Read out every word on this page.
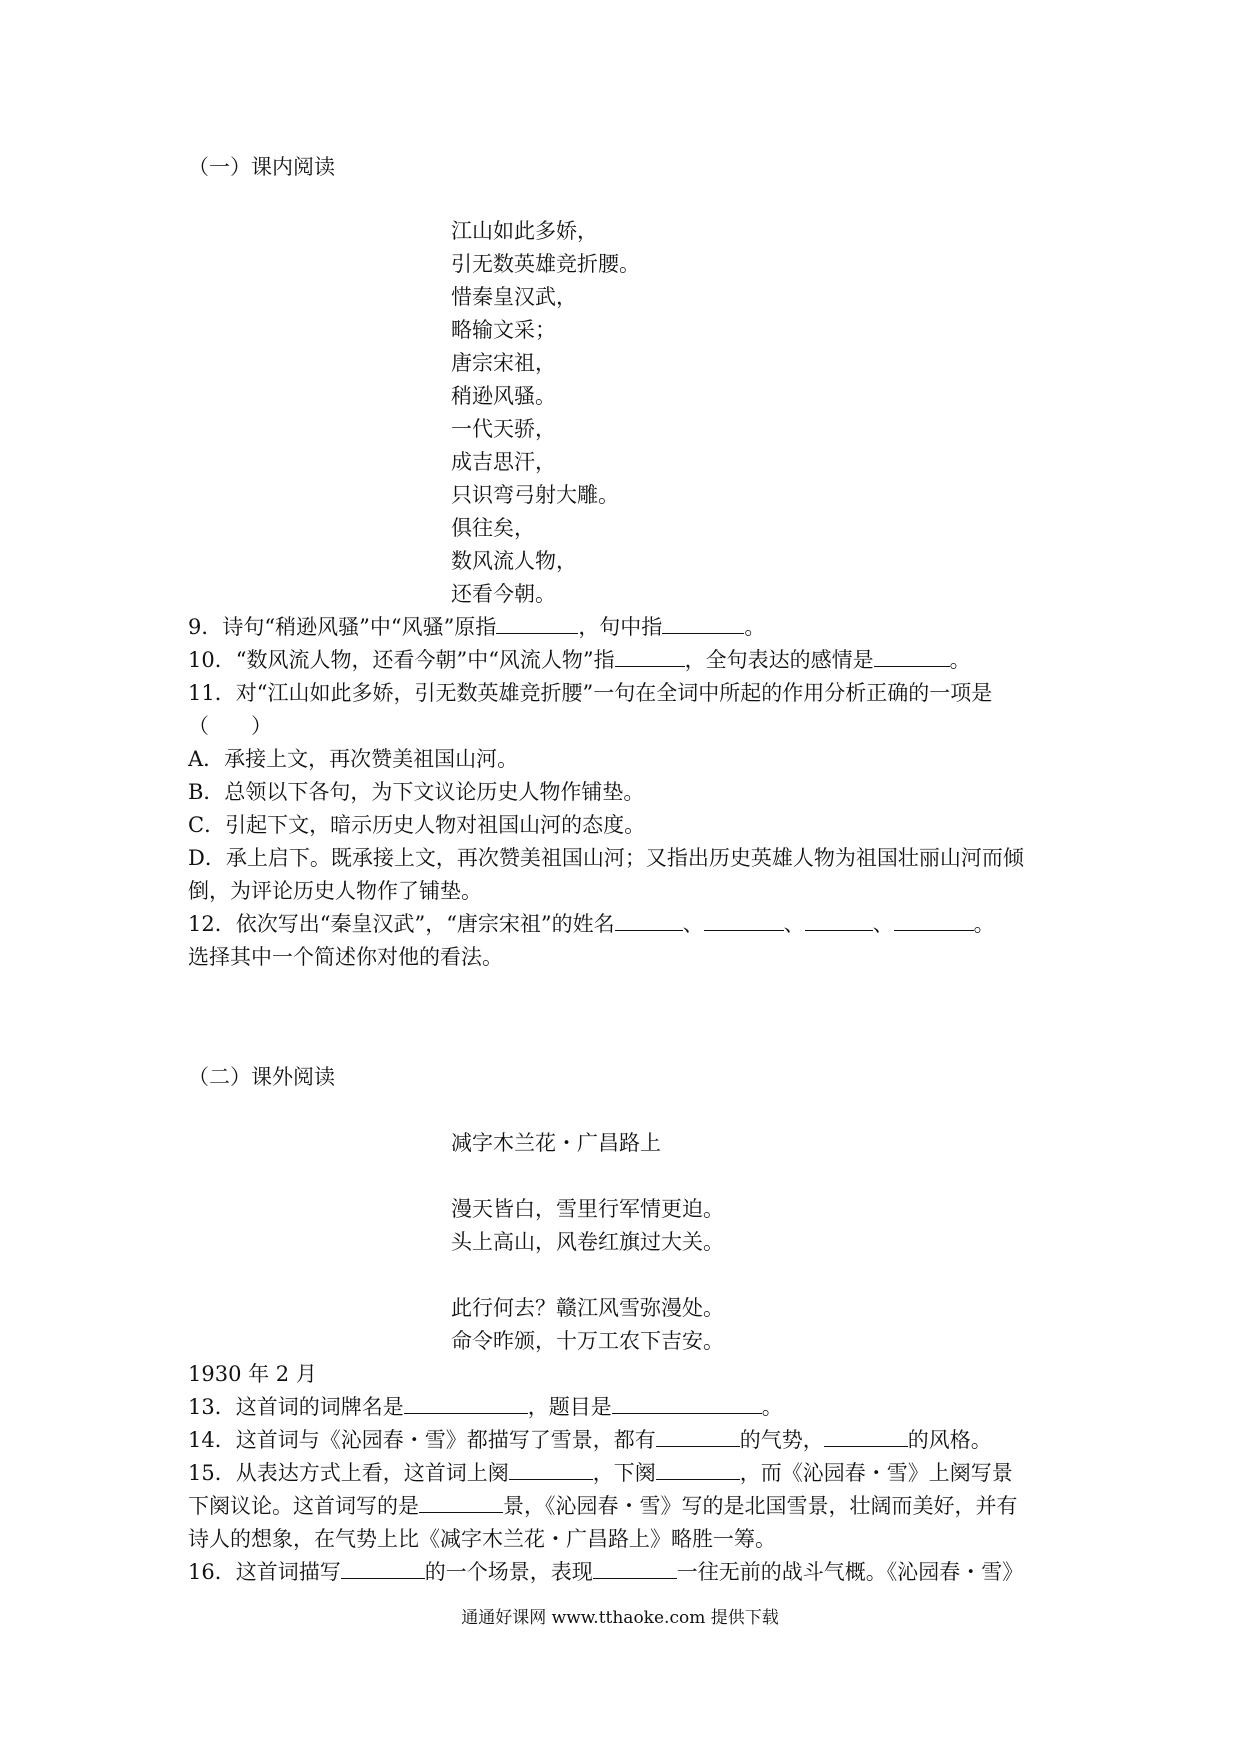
（一）课内阅读
江山如此多娇，
引无数英雄竞折腰。
惜秦皇汉武，
略输文采；
唐宗宋祖，
稍逊风骚。
一代天骄，
成吉思汗，
只识弯弓射大雕。
俱往矣，
数风流人物，
还看今朝。
9．诗句“稍逊风骚”中“风骚”原指	，句中指	。
10．“数风流人物，还看今朝”中“风流人物”指	，全句表达的感情是	。
11．对“江山如此多娇，引无数英雄竞折腰”一句在全词中所起的作用分析正确的一项是
（　　）
A．承接上文，再次赞美祖国山河。
B．总领以下各句，为下文议论历史人物作铺垫。
C．引起下文，暗示历史人物对祖国山河的态度。
D．承上启下。既承接上文，再次赞美祖国山河；又指出历史英雄人物为祖国壮丽山河而倾
倒，为评论历史人物作了铺垫。
12．依次写出“秦皇汉武”，“唐宗宋祖”的姓名	、	、	、	。
选择其中一个简述你对他的看法。
（二）课外阅读
减字木兰花・广昌路上
漫天皆白，雪里行军情更迫。
头上高山，风卷红旗过大关。
此行何去？赣江风雪弥漫处。
命令昨颁，十万工农下吉安。
1930 年 2 月
13．这首词的词牌名是	，题目是	。
14．这首词与《沁园春・雪》都描写了雪景，都有	的气势，	的风格。
15．从表达方式上看，这首词上阕	，下阕	，而《沁园春・雪》上阕写景
下阕议论。这首词写的是	景，《沁园春・雪》写的是北国雪景，壮阔而美好，并有
诗人的想象，在气势上比《减字木兰花・广昌路上》略胜一筹。
16．这首词描写	的一个场景，表现	一往无前的战斗气概。《沁园春・雪》
通通好课网 www.tthaoke.com 提供下载
